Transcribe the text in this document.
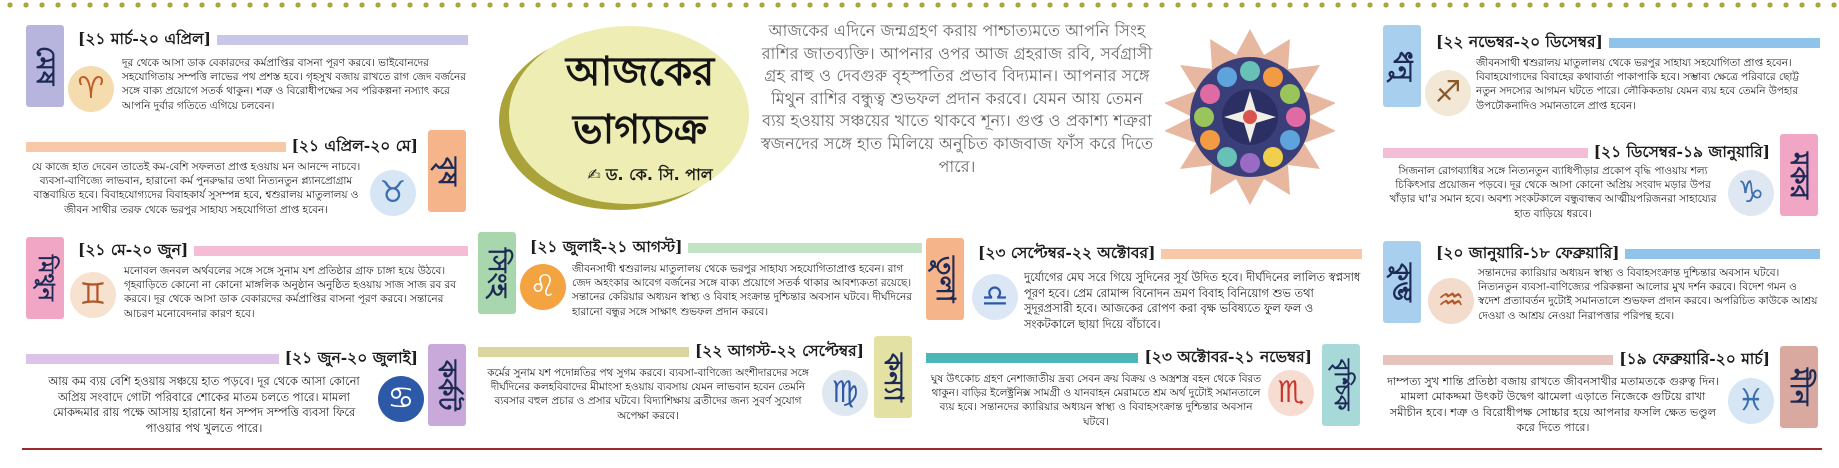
মেষ
[২১ মার্চ-২০ এপ্রিল]
♈
দূর থেকে আসা ডাক বেকারদের কর্মপ্রাপ্তির বাসনা পূরণ করবে। ভাইবোনদের সহযোগিতায় সম্পত্তি লাভের পথ প্রশস্ত হবে। গৃহসুখ বজায় রাখতে রাগ জেদ বর্জনের সঙ্গে বাক্য প্রয়োগে সতর্ক থাকুন। শত্রু ও বিরোধীপক্ষের সব পরিকল্পনা নস্যাৎ করে আপনি দুর্বার গতিতে এগিয়ে চলবেন।
[২১ এপ্রিল-২০ মে]
বৃষ
যে কাজে হাত দেবেন তাতেই কম-বেশি সফলতা প্রাপ্ত হওয়ায় মন আনন্দে নাচবে। ব্যবসা-বাণিজ্যে লাভবান, হারানো কর্ম পুনরুদ্ধার তথা নিত্যনতুন প্ল্যানপ্রোগ্রাম বাস্তবায়িত হবে। বিবাহযোগ্যদের বিবাহকার্য সুসম্পন্ন হবে, শ্বশুরালয় মাতুলালয় ও জীবন সাথীর তরফ থেকে ভরপুর সাহায্য সহযোগিতা প্রাপ্ত হবেন।	♉
মিথুন
[২১ মে-২০ জুন]
♊
মনোবল জনবল অর্থবলের সঙ্গে সঙ্গে সুনাম যশ প্রতিষ্ঠার গ্রাফ চাঙ্গা হয়ে উঠবে। গৃহবাড়িতে কোনো না কোনো মাঙ্গলিক অনুষ্ঠান অনুষ্ঠিত হওয়ায় সাজ সাজ রব রব করবে। দূর থেকে আসা ডাক বেকারদের কর্মপ্রাপ্তির বাসনা পূরণ করবে। সন্তানের আচরণ মনোবেদনার কারণ হবে।
[২১ জুন-২০ জুলাই]
কর্কট
আয় কম ব্যয় বেশি হওয়ায় সঞ্চয়ে হাত পড়বে। দূর থেকে আসা কোনো অপ্রিয় সংবাদে গোটা পরিবারে শোকের মাতম চলতে পারে। মামলা মোকদ্দমার রায় পক্ষে আসায় হারানো ধন সম্পদ সম্পত্তি ব্যবসা ফিরে পাওয়ার পথ খুলতে পারে।
♋
আজকের
ভাগ্যচক্র
✍ ড. কে. সি. পাল
আজকের এদিনে জন্মগ্রহণ করায় পাশ্চাত্যমতে আপনি সিংহ রাশির জাতব্যক্তি। আপনার ওপর আজ গ্রহরাজ রবি, সর্বগ্রাসী গ্রহ রাহু ও দেবগুরু বৃহস্পতির প্রভাব বিদ্যমান। আপনার সঙ্গে মিথুন রাশির বন্ধুত্ব শুভফল প্রদান করবে। যেমন আয় তেমন ব্যয় হওয়ায় সঞ্চয়ের খাতে থাকবে শূন্য। গুপ্ত ও প্রকাশ্য শত্রুরা স্বজনদের সঙ্গে হাত মিলিয়ে অনুচিত কাজবাজ ফাঁস করে দিতে পারে।
সিংহ
[২১ জুলাই-২১ আগস্ট]
♌ জীবনসাথী শ্বশুরালয় মাতুলালয় থেকে ভরপুর সাহায্য সহযোগিতাপ্রাপ্ত হবেন। রাগ জেদ অহংকার আবেগ বর্জনের সঙ্গে বাক্য প্রয়োগে সতর্ক থাকার আবশ্যকতা রয়েছে। সন্তানের কেরিয়ার অধ্যয়ন স্বাস্থ্য ও বিবাহ সংক্রান্ত দুশ্চিন্তার অবসান ঘটবে। দীর্ঘদিনের হারানো বন্ধুর সঙ্গে সাক্ষাৎ শুভফল প্রদান করবে।
[২২ আগস্ট-২২ সেপ্টেম্বর]
কন্যা
কর্মের সুনাম যশ পদোন্নতির পথ সুগম করবে। ব্যবসা-বাণিজ্যে অংশীদারদের সঙ্গে দীর্ঘদিনের কলহবিবাদের মীমাংসা হওয়ায় ব্যবসায় যেমন লাভবান হবেন তেমনি ব্যবসার বহুল প্রচার ও প্রসার ঘটবে। বিদ্যাশিক্ষায় ব্রতীদের জন্য সুবর্ণ সুযোগ অপেক্ষা করবে।
♍
তুলা
[২৩ সেপ্টেম্বর-২২ অক্টোবর]
♎
দুর্যোগের মেঘ সরে গিয়ে সুদিনের সূর্য উদিত হবে। দীর্ঘদিনের লালিত স্বপ্নসাধ পূরণ হবে। প্রেম রোমান্স বিনোদন ভ্রমণ বিবাহ বিনিয়োগ শুভ তথা সুদূরপ্রসারী হবে। আজকের রোপণ করা বৃক্ষ ভবিষ্যতে ফুল ফল ও সংকটকালে ছায়া দিয়ে বাঁচাবে।
[২৩ অক্টোবর-২১ নভেম্বর]
বৃশ্চিক
ঘুষ উৎকোচ গ্রহণ নেশাজাতীয় দ্রব্য সেবন ক্রয় বিক্রয় ও অস্ত্রশস্ত্র বহন থেকে বিরত থাকুন। বাড়ির ইলেক্ট্রনিক্স সামগ্রী ও যানবাহন মেরামতে শ্রম অর্থ দুটোই সমানতালে ব্যয় হবে। সন্তানদের ক্যারিয়ার অধ্যয়ন স্বাস্থ্য ও বিবাহসংক্রান্ত দুশ্চিন্তার অবসান ঘটবে।
♏
ধনু
[২২ নভেম্বর-২০ ডিসেম্বর]
♐
জীবনসাথী শ্বশুরালয় মাতুলালয় থেকে ভরপুর সাহায্য সহযোগিতা প্রাপ্ত হবেন। বিবাহযোগ্যদের বিবাহের কথাবার্তা পাকাপাকি হবে। সম্ভাব্য ক্ষেত্রে পরিবারে ছোট্ট নতুন সদস্যের আগমন ঘটতে পারে। লৌকিকতায় যেমন ব্যয় হবে তেমনি উপহার উপঢৌকনাদিও সমানতালে প্রাপ্ত হবেন।
[২১ ডিসেম্বর-১৯ জানুয়ারি]
মকর
সিজনাল রোগব্যাধির সঙ্গে নিত্যনতুন ব্যাধিপীড়ার প্রকোপ বৃদ্ধি পাওয়ায় শল্য চিকিৎসার প্রয়োজন পড়বে। দূর থেকে আসা কোনো অপ্রিয় সংবাদ মড়ার উপর খাঁড়ার ঘা'র সমান হবে। অবশ্য সংকটকালে বন্ধুবান্ধব আত্মীয়পরিজনরা সাহায্যের হাত বাড়িয়ে ধরবে।
♑
কুম্ভ
[২০ জানুয়ারি-১৮ ফেব্রুয়ারি]
♒
সন্তানদের ক্যারিয়ার অধ্যয়ন স্বাস্থ্য ও বিবাহসংক্রান্ত দুশ্চিন্তার অবসান ঘটবে। নিত্যনতুন ব্যবসা-বাণিজ্যের পরিকল্পনা আলোর মুখ দর্শন করবে। বিদেশ গমন ও স্বদেশ প্রত্যাবর্তন দুটোই সমানতালে শুভফল প্রদান করবে। অপরিচিত কাউকে আশ্রয় দেওয়া ও আশ্রয় নেওয়া নিরাপত্তার পরিপন্থ হবে।
[১৯ ফেব্রুয়ারি-২০ মার্চ]
মীন
দাম্পত্য সুখ শান্তি প্রতিষ্ঠা বজায় রাখতে জীবনসাথীর মতামতকে গুরুত্ব দিন। মামলা মোকদ্দমা উৎকট উদ্বেগ ঝামেলা এড়াতে নিজেকে গুটিয়ে রাখা সমীচীন হবে। শত্রু ও বিরোধীপক্ষ সোচ্চার হয়ে আপনার ফসলি ক্ষেত ভণ্ডুল করে দিতে পারে।
♓
